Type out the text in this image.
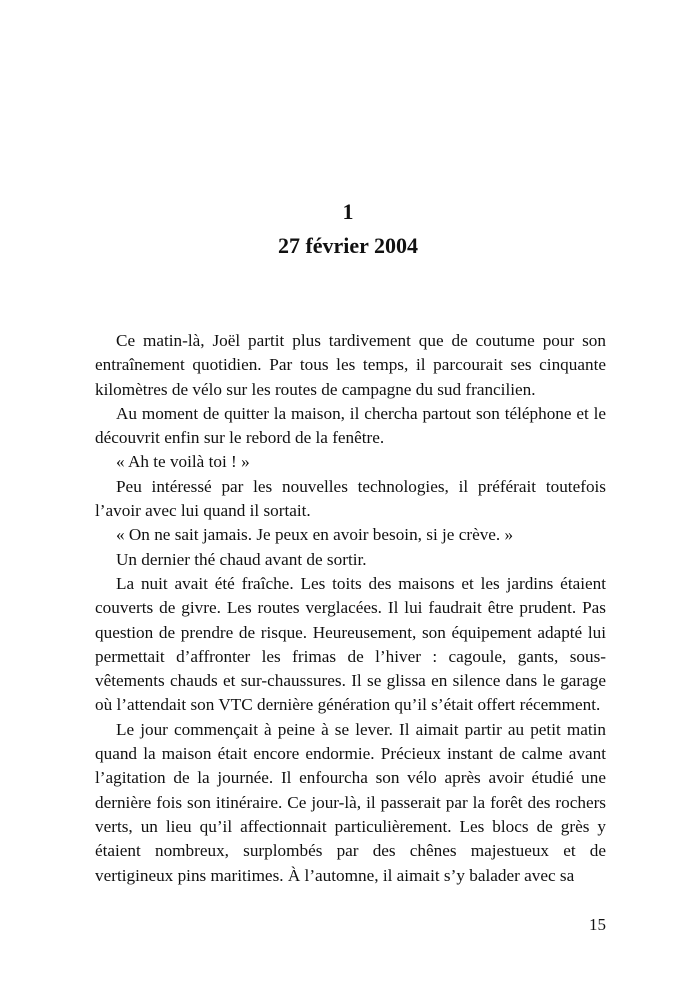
1
27 février 2004

Ce matin-là, Joël partit plus tardivement que de coutume pour son entraînement quotidien. Par tous les temps, il parcourait ses cinquante kilomètres de vélo sur les routes de campagne du sud francilien.

Au moment de quitter la maison, il chercha partout son téléphone et le découvrit enfin sur le rebord de la fenêtre.

« Ah te voilà toi ! »

Peu intéressé par les nouvelles technologies, il préférait toutefois l’avoir avec lui quand il sortait.

« On ne sait jamais. Je peux en avoir besoin, si je crève. »

Un dernier thé chaud avant de sortir.

La nuit avait été fraîche. Les toits des maisons et les jardins étaient couverts de givre. Les routes verglacées. Il lui faudrait être prudent. Pas question de prendre de risque. Heureusement, son équipement adapté lui permettait d’affronter les frimas de l’hiver : cagoule, gants, sous-vêtements chauds et sur-chaussures. Il se glissa en silence dans le garage où l’attendait son VTC dernière génération qu’il s’était offert récemment.

Le jour commençait à peine à se lever. Il aimait partir au petit matin quand la maison était encore endormie. Précieux instant de calme avant l’agitation de la journée. Il enfourcha son vélo après avoir étudié une dernière fois son itinéraire. Ce jour-là, il passerait par la forêt des rochers verts, un lieu qu’il affectionnait particulièrement. Les blocs de grès y étaient nombreux, surplombés par des chênes majestueux et de vertigineux pins maritimes. À l’automne, il aimait s’y balader avec sa

15
